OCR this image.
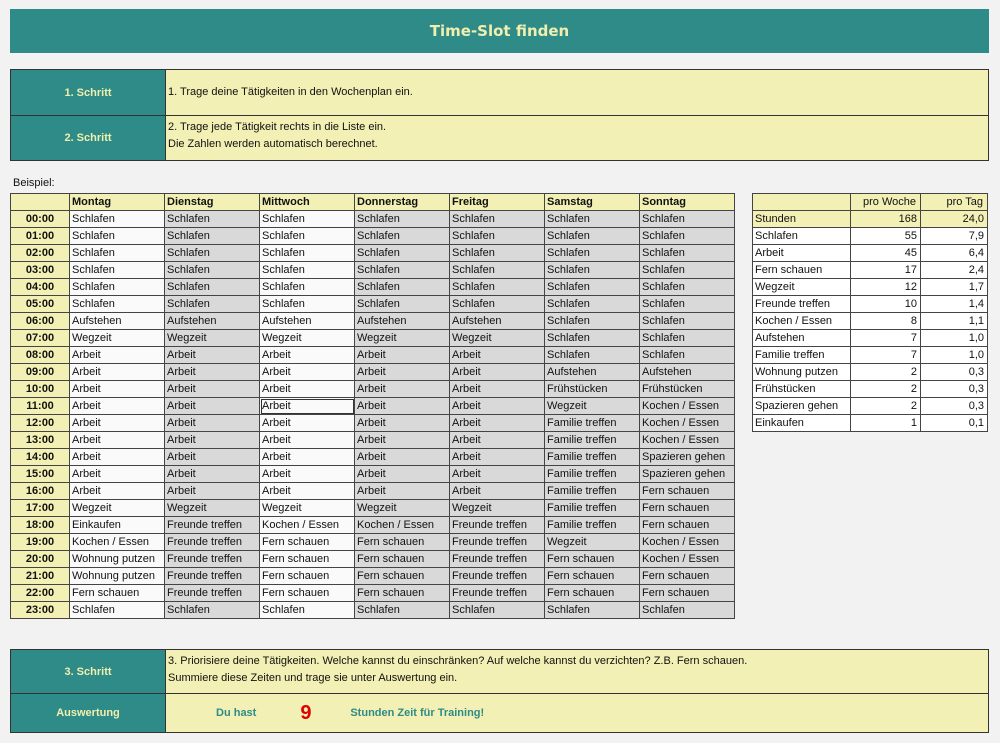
Time-Slot finden
1. Schritt	1. Trage deine Tätigkeiten in den Wochenplan ein.
2. Schritt
2. Trage jede Tätigkeit rechts in die Liste ein.
Die Zahlen werden automatisch berechnet.
Beispiel:
	Montag	Dienstag	Mittwoch	Donnerstag	Freitag	Samstag	Sonntag
00:00	Schlafen	Schlafen	Schlafen	Schlafen	Schlafen	Schlafen	Schlafen
01:00	Schlafen	Schlafen	Schlafen	Schlafen	Schlafen	Schlafen	Schlafen
02:00	Schlafen	Schlafen	Schlafen	Schlafen	Schlafen	Schlafen	Schlafen
03:00	Schlafen	Schlafen	Schlafen	Schlafen	Schlafen	Schlafen	Schlafen
04:00	Schlafen	Schlafen	Schlafen	Schlafen	Schlafen	Schlafen	Schlafen
05:00	Schlafen	Schlafen	Schlafen	Schlafen	Schlafen	Schlafen	Schlafen
06:00	Aufstehen	Aufstehen	Aufstehen	Aufstehen	Aufstehen	Schlafen	Schlafen
07:00	Wegzeit	Wegzeit	Wegzeit	Wegzeit	Wegzeit	Schlafen	Schlafen
08:00	Arbeit	Arbeit	Arbeit	Arbeit	Arbeit	Schlafen	Schlafen
09:00	Arbeit	Arbeit	Arbeit	Arbeit	Arbeit	Aufstehen	Aufstehen
10:00	Arbeit	Arbeit	Arbeit	Arbeit	Arbeit	Frühstücken	Frühstücken
11:00	Arbeit	Arbeit	Arbeit	Arbeit	Arbeit	Wegzeit	Kochen / Essen
12:00	Arbeit	Arbeit	Arbeit	Arbeit	Arbeit	Familie treffen	Kochen / Essen
13:00	Arbeit	Arbeit	Arbeit	Arbeit	Arbeit	Familie treffen	Kochen / Essen
14:00	Arbeit	Arbeit	Arbeit	Arbeit	Arbeit	Familie treffen	Spazieren gehen
15:00	Arbeit	Arbeit	Arbeit	Arbeit	Arbeit	Familie treffen	Spazieren gehen
16:00	Arbeit	Arbeit	Arbeit	Arbeit	Arbeit	Familie treffen	Fern schauen
17:00	Wegzeit	Wegzeit	Wegzeit	Wegzeit	Wegzeit	Familie treffen	Fern schauen
18:00	Einkaufen	Freunde treffen	Kochen / Essen	Kochen / Essen	Freunde treffen	Familie treffen	Fern schauen
19:00	Kochen / Essen	Freunde treffen	Fern schauen	Fern schauen	Freunde treffen	Wegzeit	Kochen / Essen
20:00	Wohnung putzen	Freunde treffen	Fern schauen	Fern schauen	Freunde treffen	Fern schauen	Kochen / Essen
21:00	Wohnung putzen	Freunde treffen	Fern schauen	Fern schauen	Freunde treffen	Fern schauen	Fern schauen
22:00	Fern schauen	Freunde treffen	Fern schauen	Fern schauen	Freunde treffen	Fern schauen	Fern schauen
23:00	Schlafen	Schlafen	Schlafen	Schlafen	Schlafen	Schlafen	Schlafen
	pro Woche	pro Tag
Stunden	168	24,0
Schlafen	55	7,9
Arbeit	45	6,4
Fern schauen	17	2,4
Wegzeit	12	1,7
Freunde treffen	10	1,4
Kochen / Essen	8	1,1
Aufstehen	7	1,0
Familie treffen	7	1,0
Wohnung putzen	2	0,3
Frühstücken	2	0,3
Spazieren gehen	2	0,3
Einkaufen	1	0,1
3. Schritt
3. Priorisiere deine Tätigkeiten. Welche kannst du einschränken? Auf welche kannst du verzichten? Z.B. Fern schauen.
Summiere diese Zeiten und trage sie unter Auswertung ein.
Auswertung	Du hast 9	Stunden Zeit für Training!
